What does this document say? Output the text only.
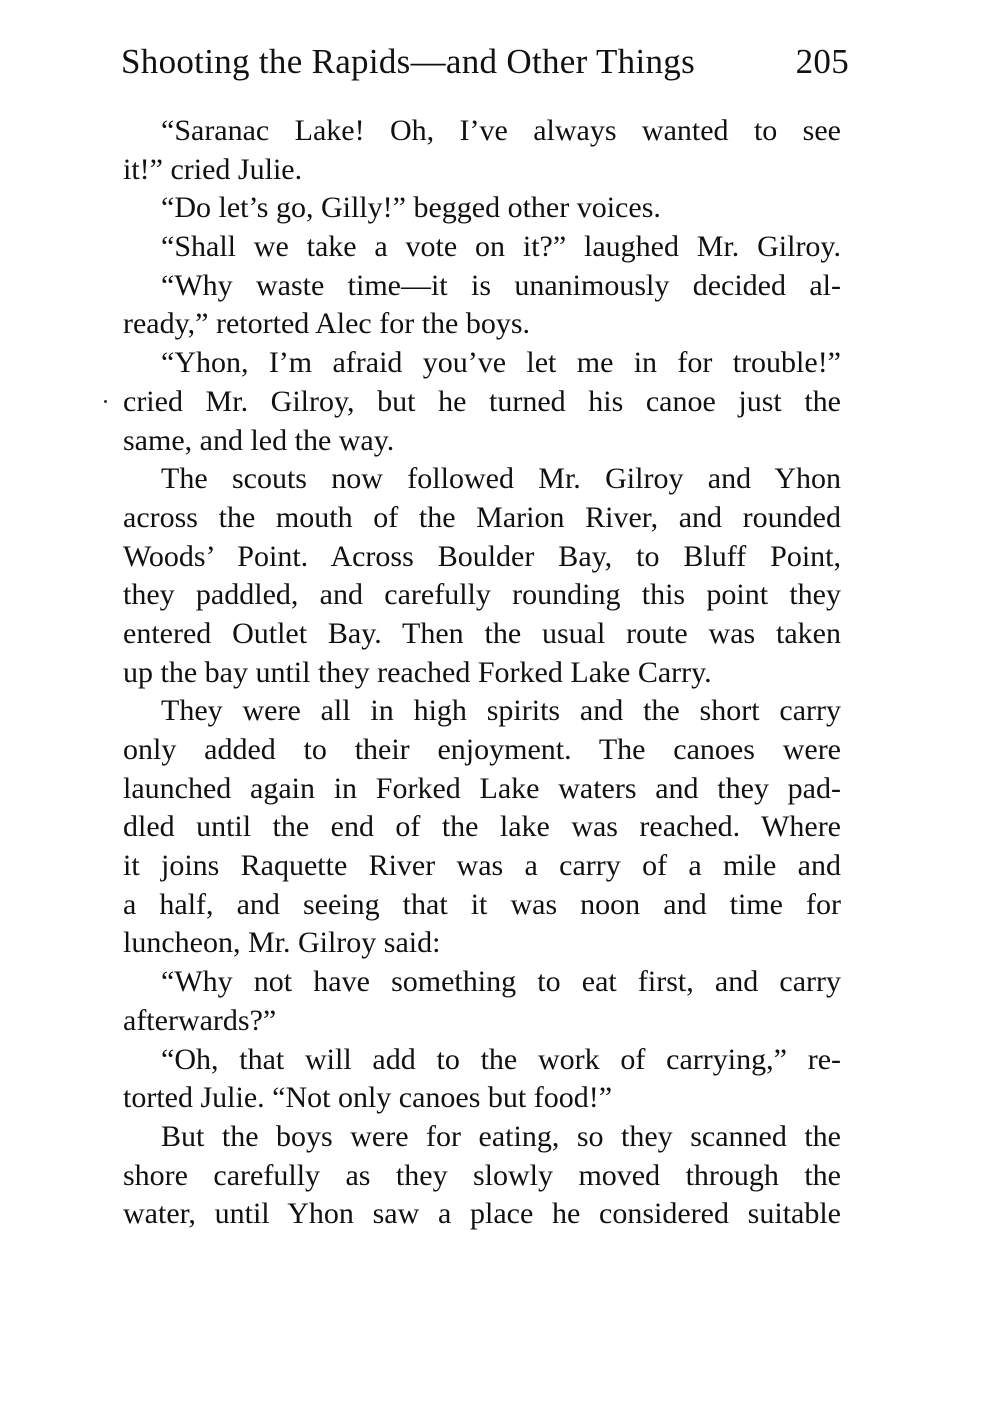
Shooting the Rapids—and Other Things	205
“Saranac Lake! Oh, I’ve always wanted to see
it!” cried Julie.
“Do let’s go, Gilly!” begged other voices.
“Shall we take a vote on it?” laughed Mr. Gilroy.
“Why waste time—it is unanimously decided al-
ready,” retorted Alec for the boys.
“Yhon, I’m afraid you’ve let me in for trouble!”
cried Mr. Gilroy, but he turned his canoe just the
same, and led the way.
The scouts now followed Mr. Gilroy and Yhon
across the mouth of the Marion River, and rounded
Woods’ Point. Across Boulder Bay, to Bluff Point,
they paddled, and carefully rounding this point they
entered Outlet Bay. Then the usual route was taken
up the bay until they reached Forked Lake Carry.
They were all in high spirits and the short carry
only added to their enjoyment. The canoes were
launched again in Forked Lake waters and they pad-
dled until the end of the lake was reached. Where
it joins Raquette River was a carry of a mile and
a half, and seeing that it was noon and time for
luncheon, Mr. Gilroy said:
“Why not have something to eat first, and carry
afterwards?”
“Oh, that will add to the work of carrying,” re-
torted Julie. “Not only canoes but food!”
But the boys were for eating, so they scanned the
shore carefully as they slowly moved through the
water, until Yhon saw a place he considered suitable
